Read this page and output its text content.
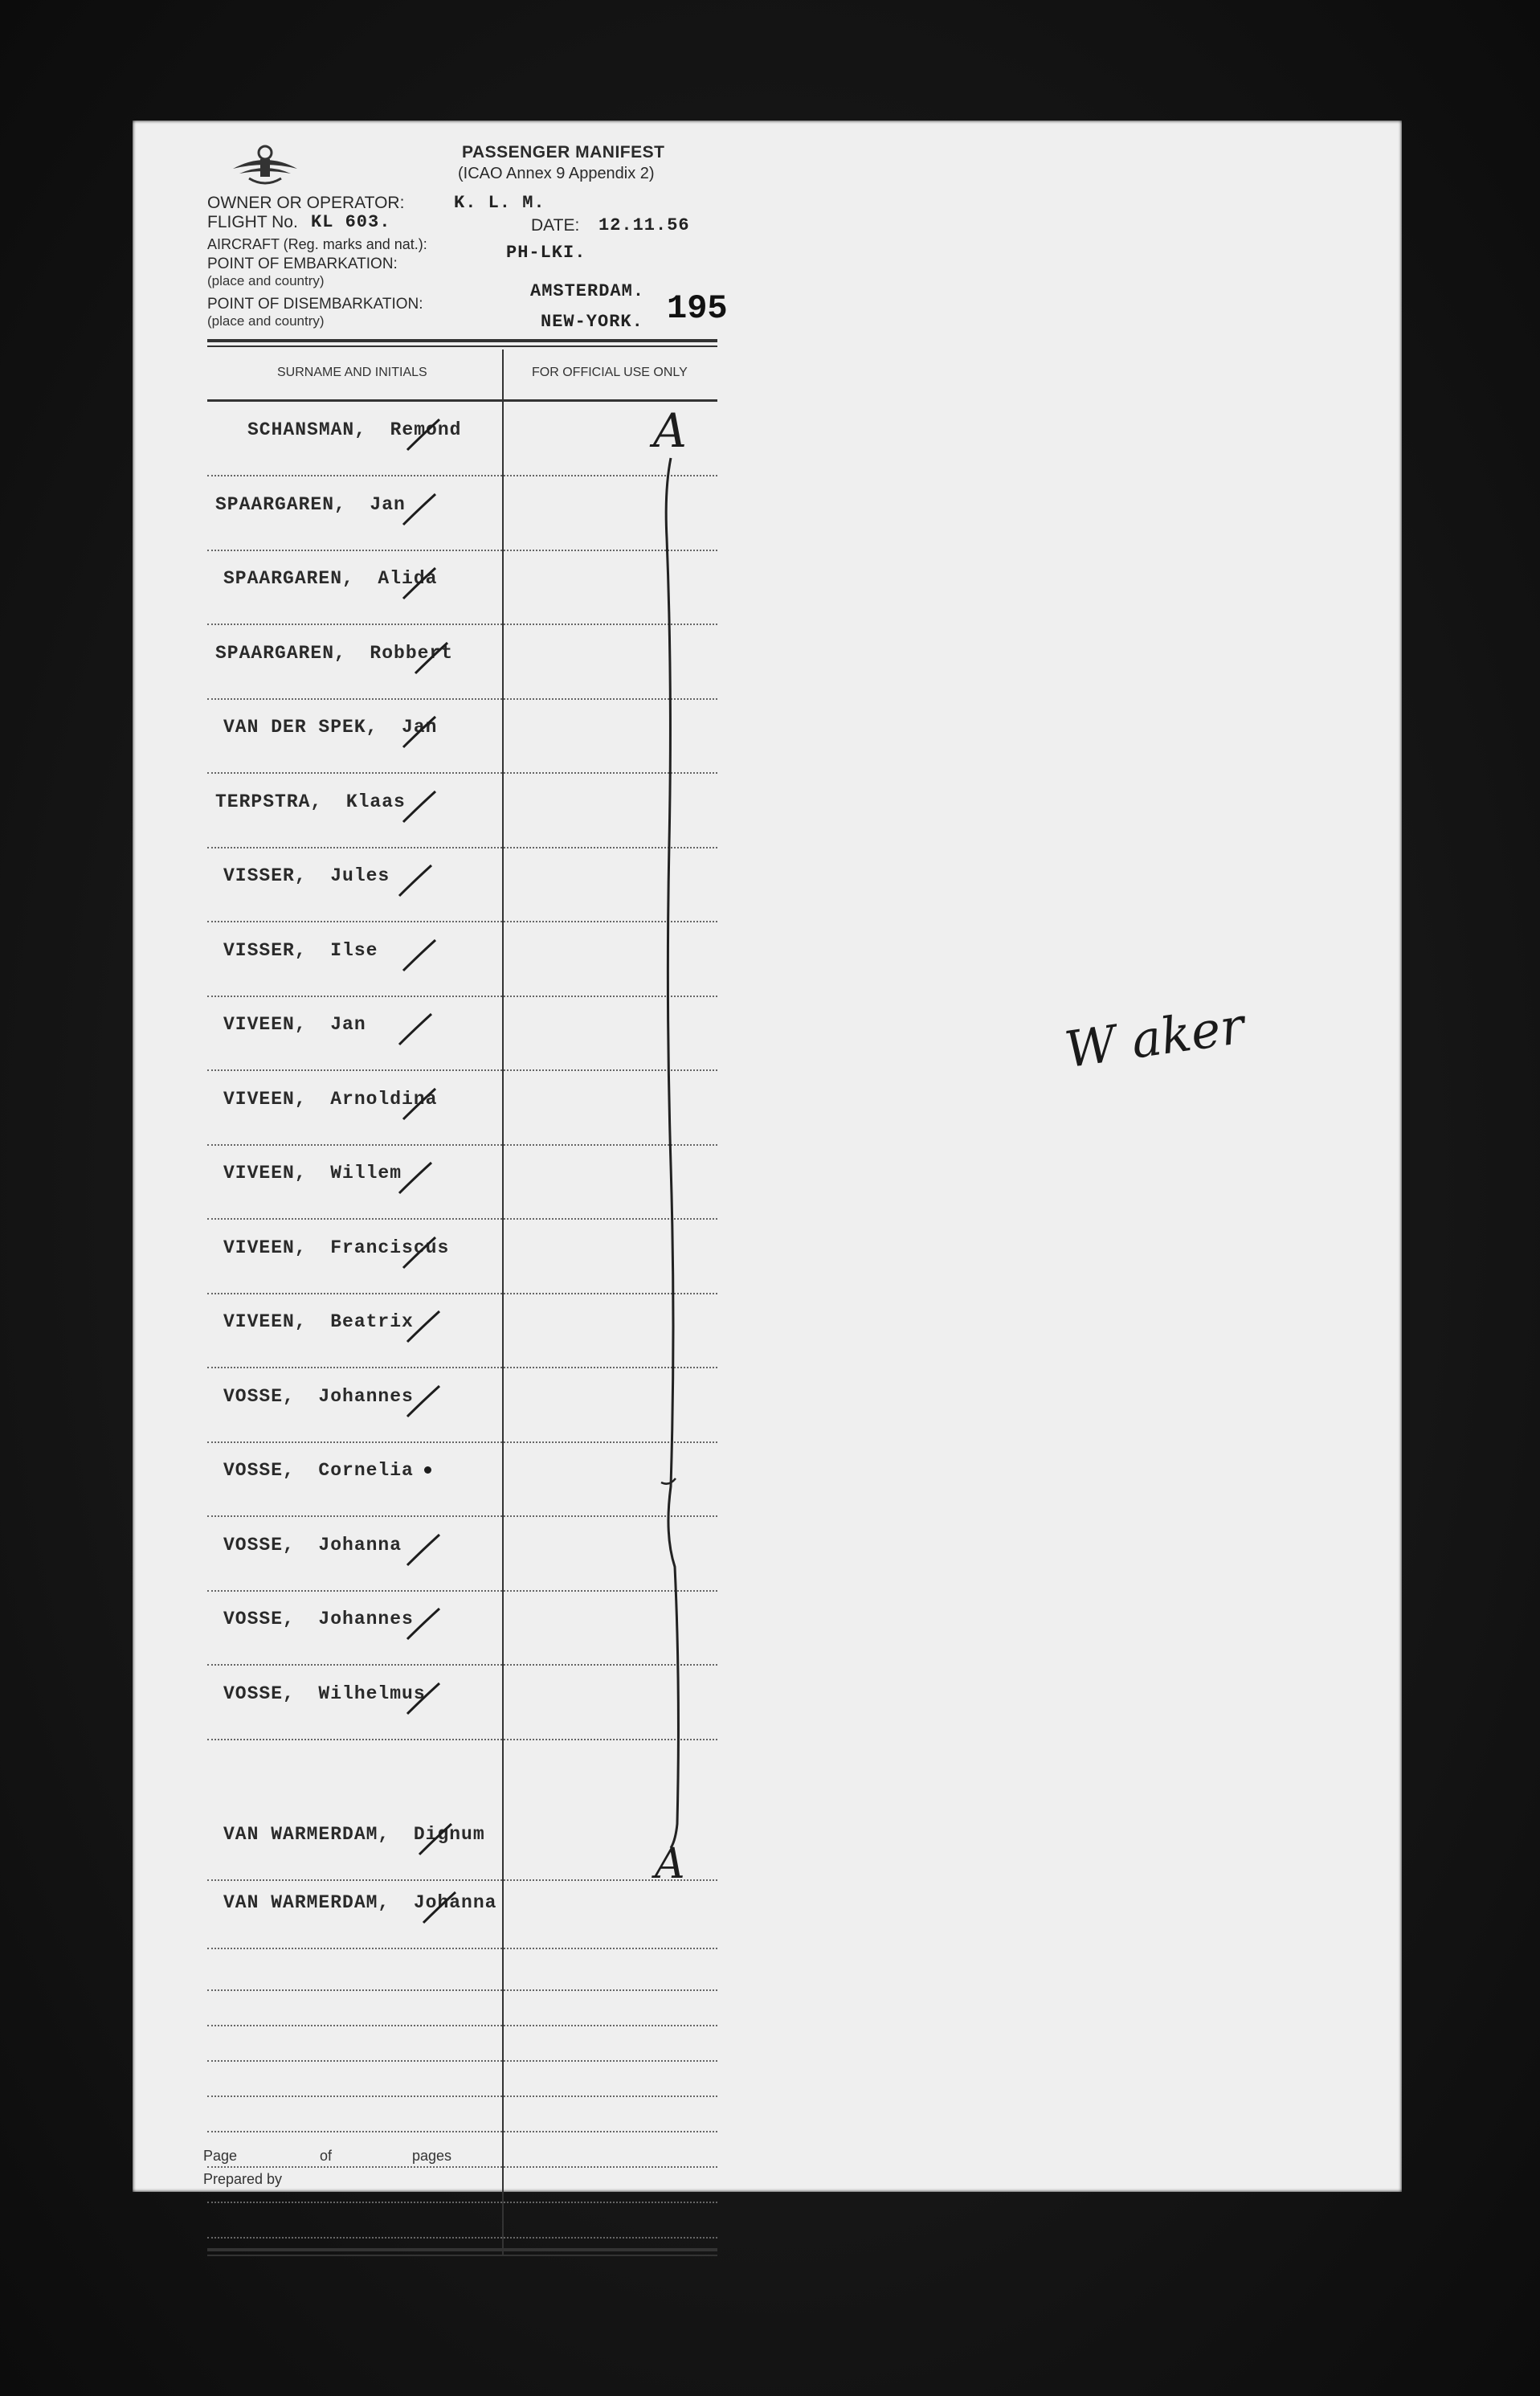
PASSENGER MANIFEST
(ICAO Annex 9 Appendix 2)
OWNER OR OPERATOR:	K. L. M.
FLIGHT No. KL 603.	DATE: 12.11.56
AIRCRAFT (Reg. marks and nat.):	PH-LKI.
POINT OF EMBARKATION:
(place and country)
AMSTERDAM.
POINT OF DISEMBARKATION:
(place and country)	NEW-YORK. 195
SURNAME AND INITIALS	FOR OFFICIAL USE ONLY
SCHANSMAN,  Remond
SPAARGAREN,  Jan
SPAARGAREN,  Alida
SPAARGAREN,  Robbert
VAN DER SPEK,  Jan
TERPSTRA,  Klaas
VISSER,  Jules
VISSER,  Ilse
VIVEEN,  Jan
VIVEEN,  Arnoldina
VIVEEN,  Willem
VIVEEN,  Franciscus
VIVEEN,  Beatrix
VOSSE,  Johannes
VOSSE,  Cornelia
VOSSE,  Johanna
VOSSE,  Johannes
VOSSE,  Wilhelmus
VAN WARMERDAM,  Dignum
VAN WARMERDAM,  Johanna
Page	of	pages
Prepared by
A
A
W aker
